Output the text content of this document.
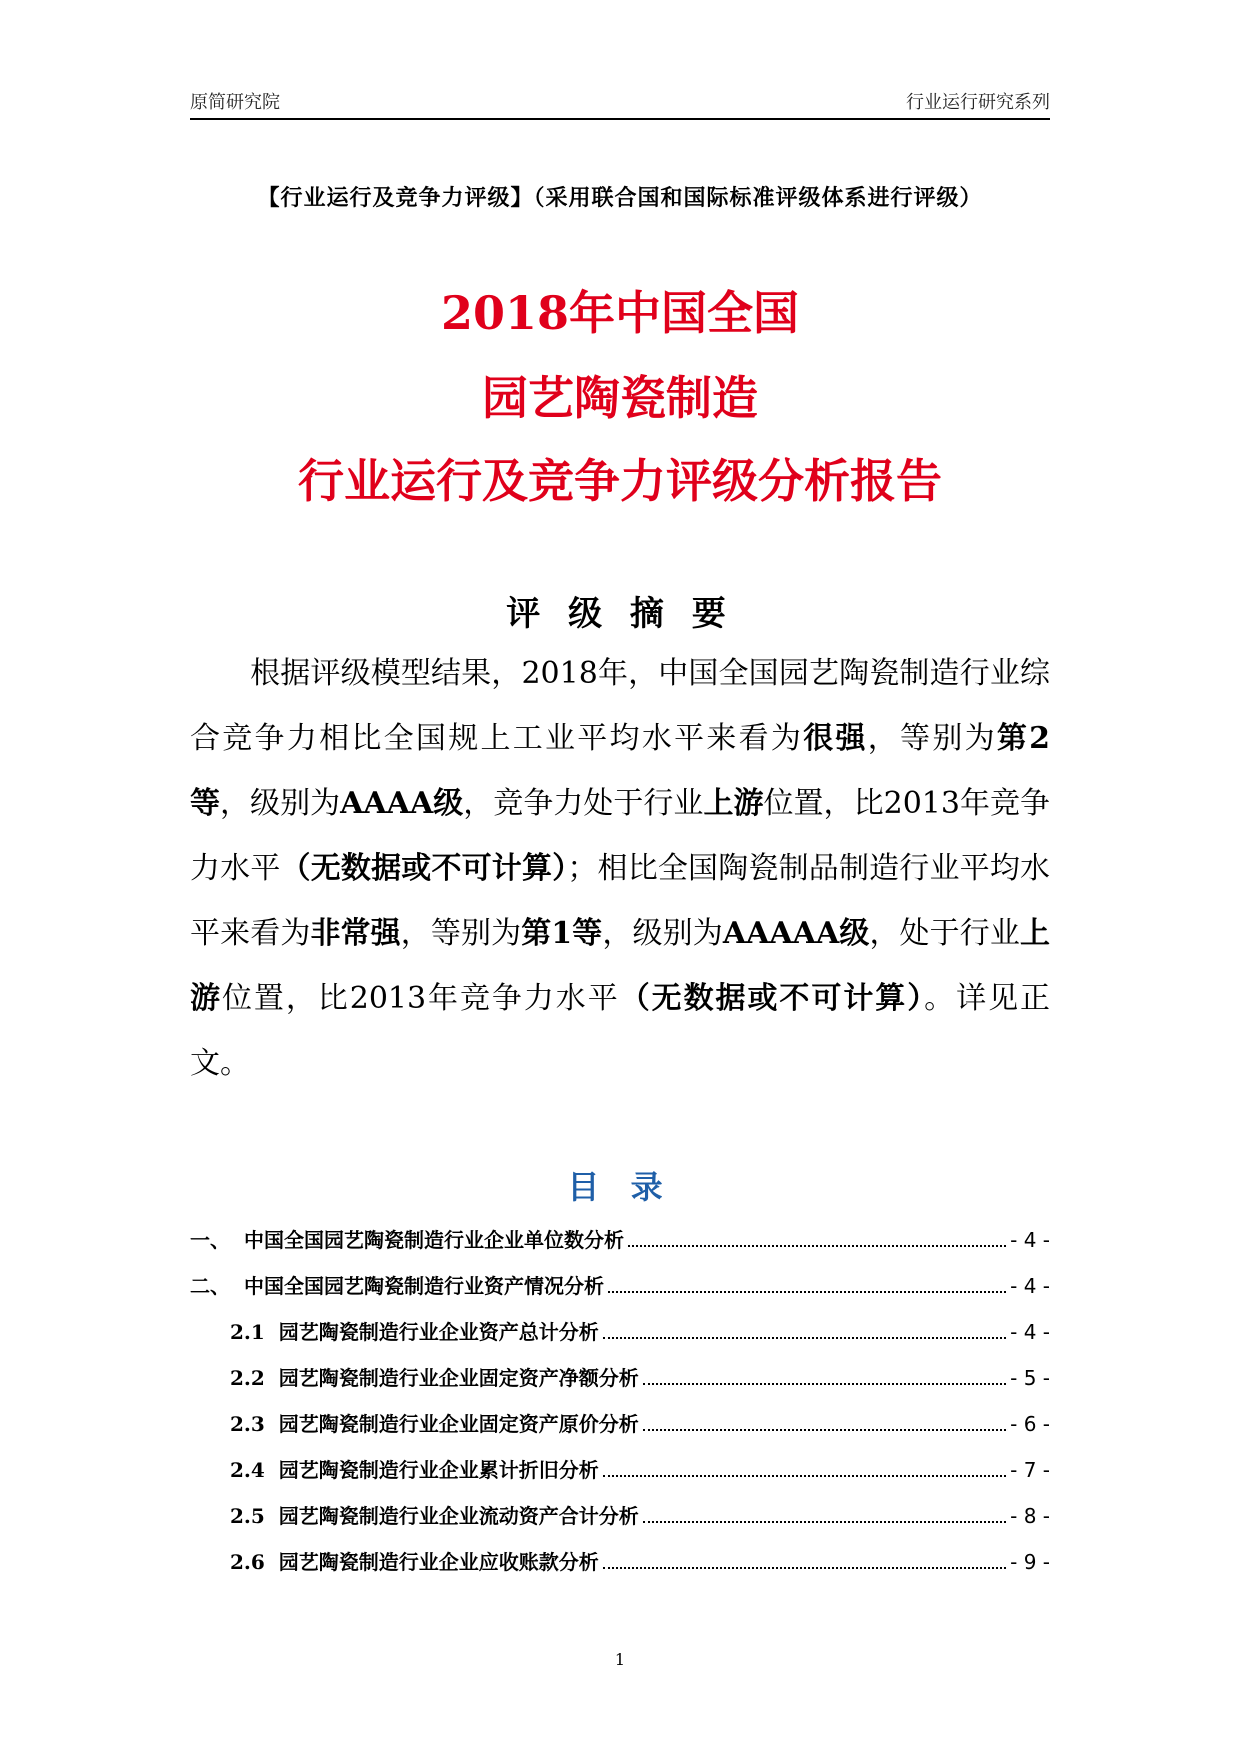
原简研究院	行业运行研究系列
【行业运行及竞争力评级】（采用联合国和国际标准评级体系进行评级）
2018年中国全国
园艺陶瓷制造
行业运行及竞争力评级分析报告
评 级 摘 要
根据评级模型结果，2018年，中国全国园艺陶瓷制造行业综合竞争力相比全国规上工业平均水平来看为很强，等别为第2等，级别为AAAA级，竞争力处于行业上游位置，比2013年竞争力水平（无数据或不可计算）；相比全国陶瓷制品制造行业平均水平来看为非常强，等别为第1等，级别为AAAAA级，处于行业上游位置，比2013年竞争力水平（无数据或不可计算）。详见正文。
目 录
一、 中国全国园艺陶瓷制造行业企业单位数分析	- 4 -
二、 中国全国园艺陶瓷制造行业资产情况分析	- 4 -
2.1 园艺陶瓷制造行业企业资产总计分析	- 4 -
2.2 园艺陶瓷制造行业企业固定资产净额分析	- 5 -
2.3 园艺陶瓷制造行业企业固定资产原价分析	- 6 -
2.4 园艺陶瓷制造行业企业累计折旧分析	- 7 -
2.5 园艺陶瓷制造行业企业流动资产合计分析	- 8 -
2.6 园艺陶瓷制造行业企业应收账款分析	- 9 -
1
